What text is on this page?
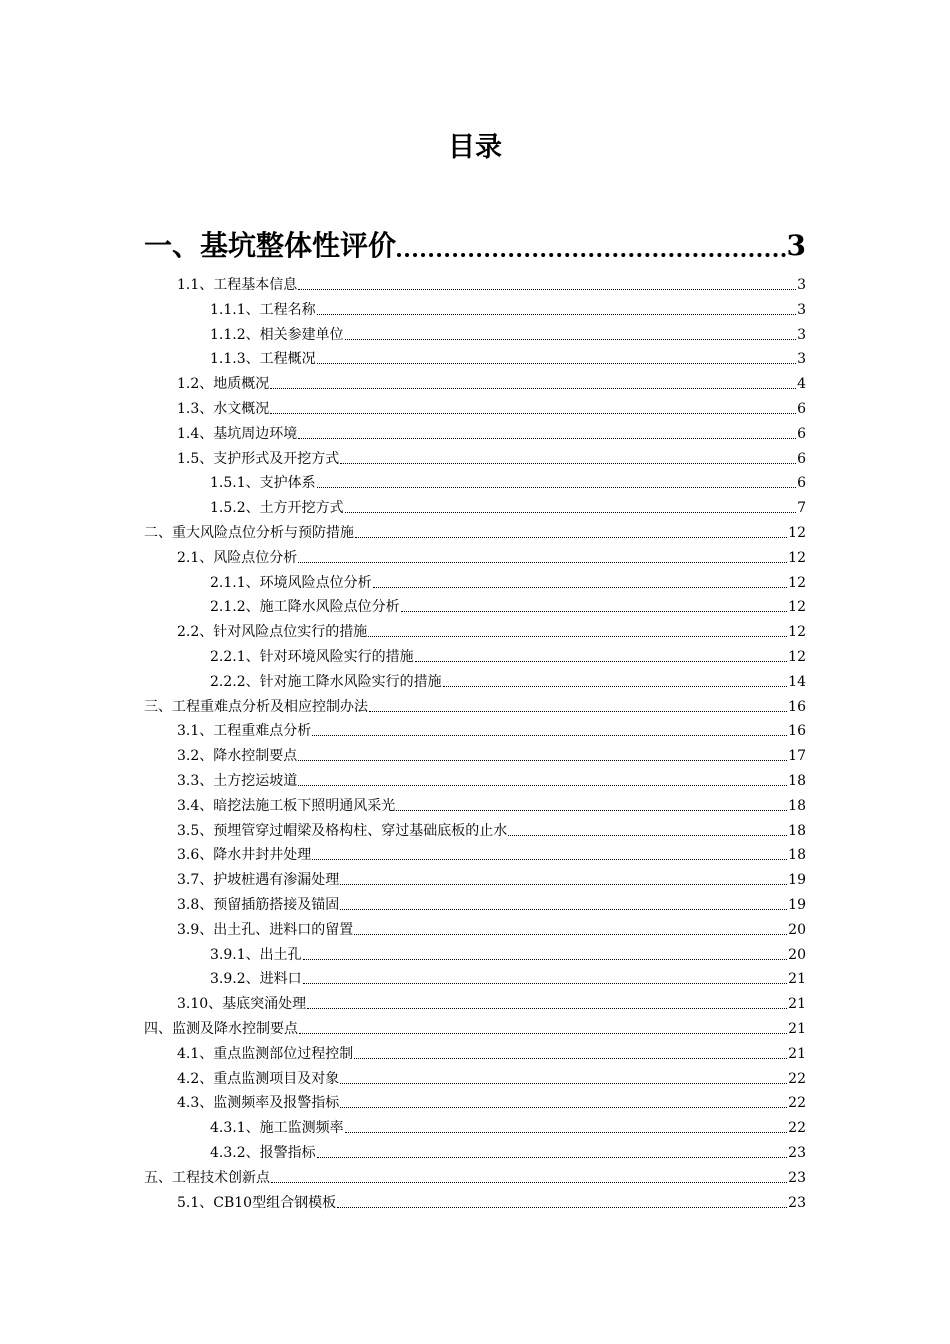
目录
一、基坑整体性评价	3
1.1、工程基本信息	3
1.1.1、工程名称	3
1.1.2、相关参建单位	3
1.1.3、工程概况	3
1.2、地质概况	4
1.3、水文概况	6
1.4、基坑周边环境	6
1.5、支护形式及开挖方式	6
1.5.1、支护体系	6
1.5.2、土方开挖方式	7
二、重大风险点位分析与预防措施	12
2.1、风险点位分析	12
2.1.1、环境风险点位分析	12
2.1.2、施工降水风险点位分析	12
2.2、针对风险点位实行的措施	12
2.2.1、针对环境风险实行的措施	12
2.2.2、针对施工降水风险实行的措施	14
三、工程重难点分析及相应控制办法	16
3.1、工程重难点分析	16
3.2、降水控制要点	17
3.3、土方挖运坡道	18
3.4、暗挖法施工板下照明通风采光	18
3.5、预埋管穿过帽梁及格构柱、穿过基础底板的止水	18
3.6、降水井封井处理	18
3.7、护坡桩遇有渗漏处理	19
3.8、预留插筋搭接及锚固	19
3.9、出土孔、进料口的留置	20
3.9.1、出土孔	20
3.9.2、进料口	21
3.10、基底突涌处理	21
四、监测及降水控制要点	21
4.1、重点监测部位过程控制	21
4.2、重点监测项目及对象	22
4.3、监测频率及报警指标	22
4.3.1、施工监测频率	22
4.3.2、报警指标	23
五、工程技术创新点	23
5.1、CB10型组合钢模板	23
